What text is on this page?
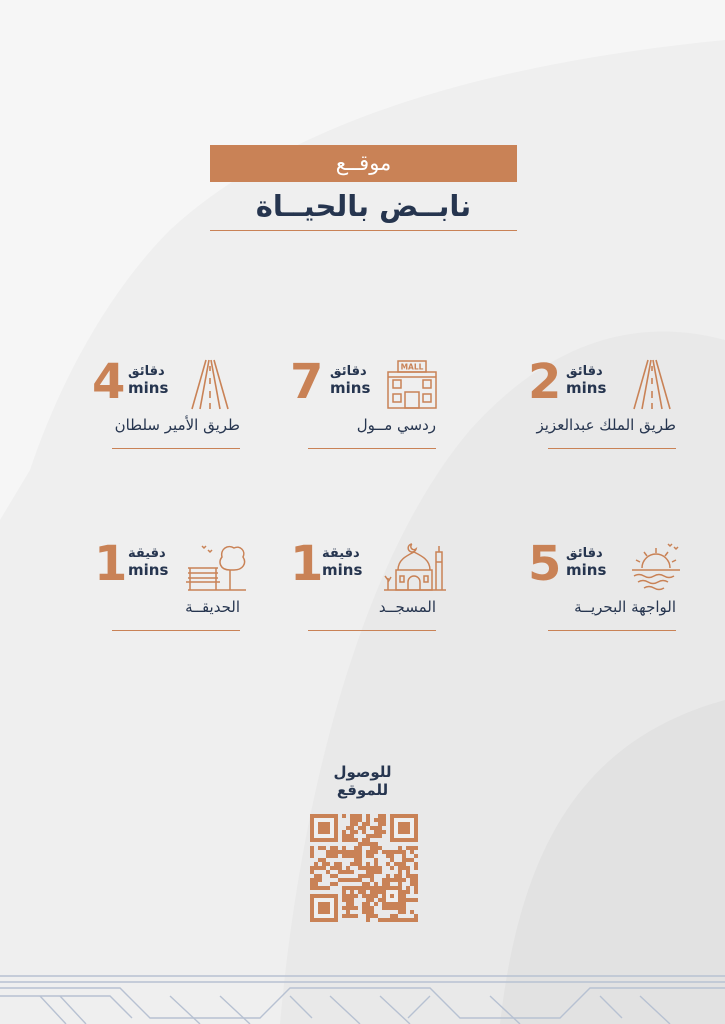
موقــع
نابــض بالحيــاة
2 دقائق
mins
طريق الملك عبدالعزيز
7 دقائق
mins
MALL
ردسي مــول
4 دقائق
mins
طريق الأمير سلطان
5 دقائق
mins
الواجهة البحريــة
1
دقيقة
mins
المسجــد
1 دقيقة
mins
الحديقــة
للوصول
للموقع
